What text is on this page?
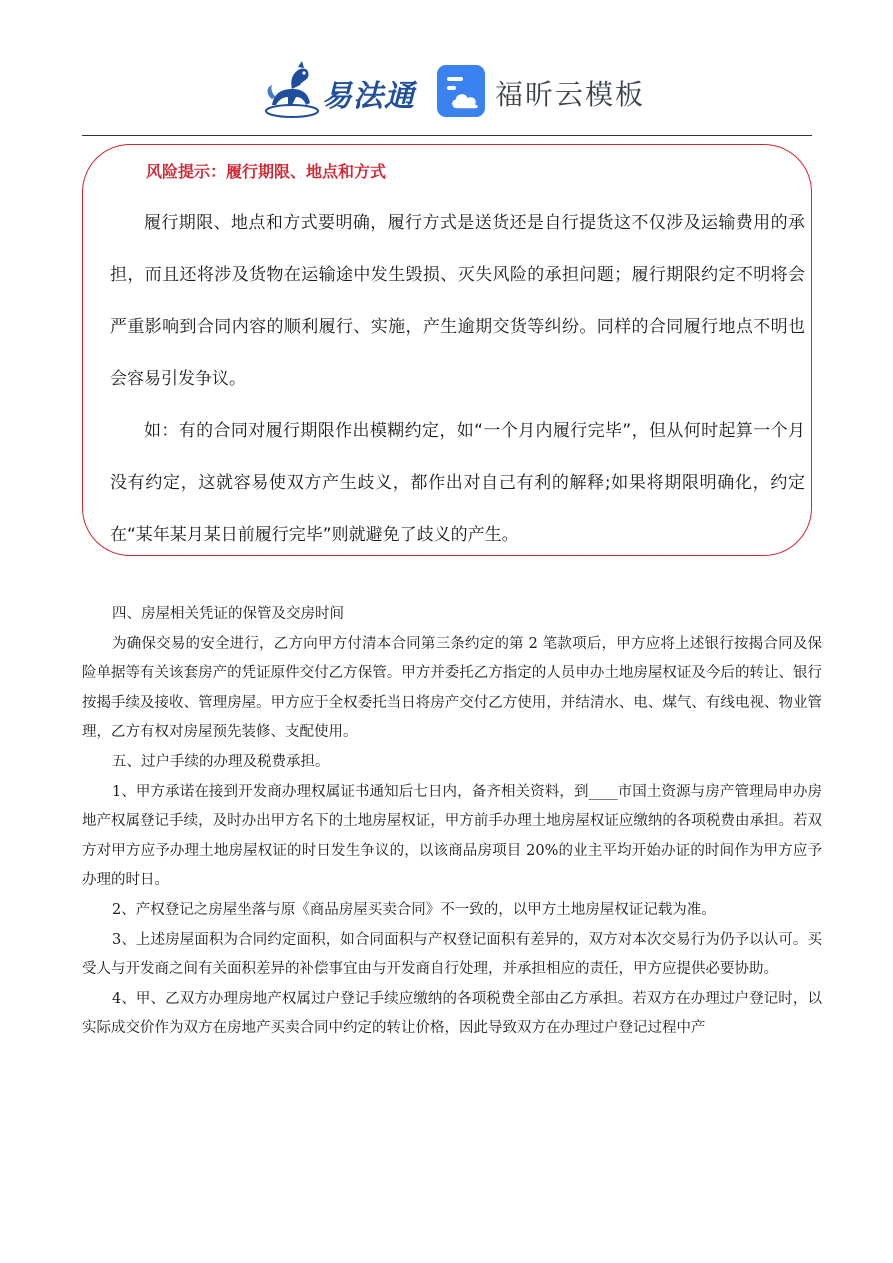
易法通	福昕云模板
风险提示：履行期限、地点和方式

履行期限、地点和方式要明确，履行方式是送货还是自行提货这不仅涉及运输费用的承担，而且还将涉及货物在运输途中发生毁损、灭失风险的承担问题；履行期限约定不明将会严重影响到合同内容的顺利履行、实施，产生逾期交货等纠纷。同样的合同履行地点不明也会容易引发争议。

如：有的合同对履行期限作出模糊约定，如“一个月内履行完毕”，但从何时起算一个月没有约定，这就容易使双方产生歧义，都作出对自己有利的解释;如果将期限明确化，约定在“某年某月某日前履行完毕”则就避免了歧义的产生。

四、房屋相关凭证的保管及交房时间

为确保交易的安全进行，乙方向甲方付清本合同第三条约定的第 2 笔款项后，甲方应将上述银行按揭合同及保险单据等有关该套房产的凭证原件交付乙方保管。甲方并委托乙方指定的人员申办土地房屋权证及今后的转让、银行按揭手续及接收、管理房屋。甲方应于全权委托当日将房产交付乙方使用，并结清水、电、煤气、有线电视、物业管理，乙方有权对房屋预先装修、支配使用。

五、过户手续的办理及税费承担。

1、甲方承诺在接到开发商办理权属证书通知后七日内，备齐相关资料，到____市国土资源与房产管理局申办房地产权属登记手续，及时办出甲方名下的土地房屋权证，甲方前手办理土地房屋权证应缴纳的各项税费由承担。若双方对甲方应予办理土地房屋权证的时日发生争议的，以该商品房项目 20%的业主平均开始办证的时间作为甲方应予办理的时日。

2、产权登记之房屋坐落与原《商品房屋买卖合同》不一致的，以甲方土地房屋权证记载为准。

3、上述房屋面积为合同约定面积，如合同面积与产权登记面积有差异的，双方对本次交易行为仍予以认可。买受人与开发商之间有关面积差异的补偿事宜由与开发商自行处理，并承担相应的责任，甲方应提供必要协助。

4、甲、乙双方办理房地产权属过户登记手续应缴纳的各项税费全部由乙方承担。若双方在办理过户登记时，以实际成交价作为双方在房地产买卖合同中约定的转让价格，因此导致双方在办理过户登记过程中产
